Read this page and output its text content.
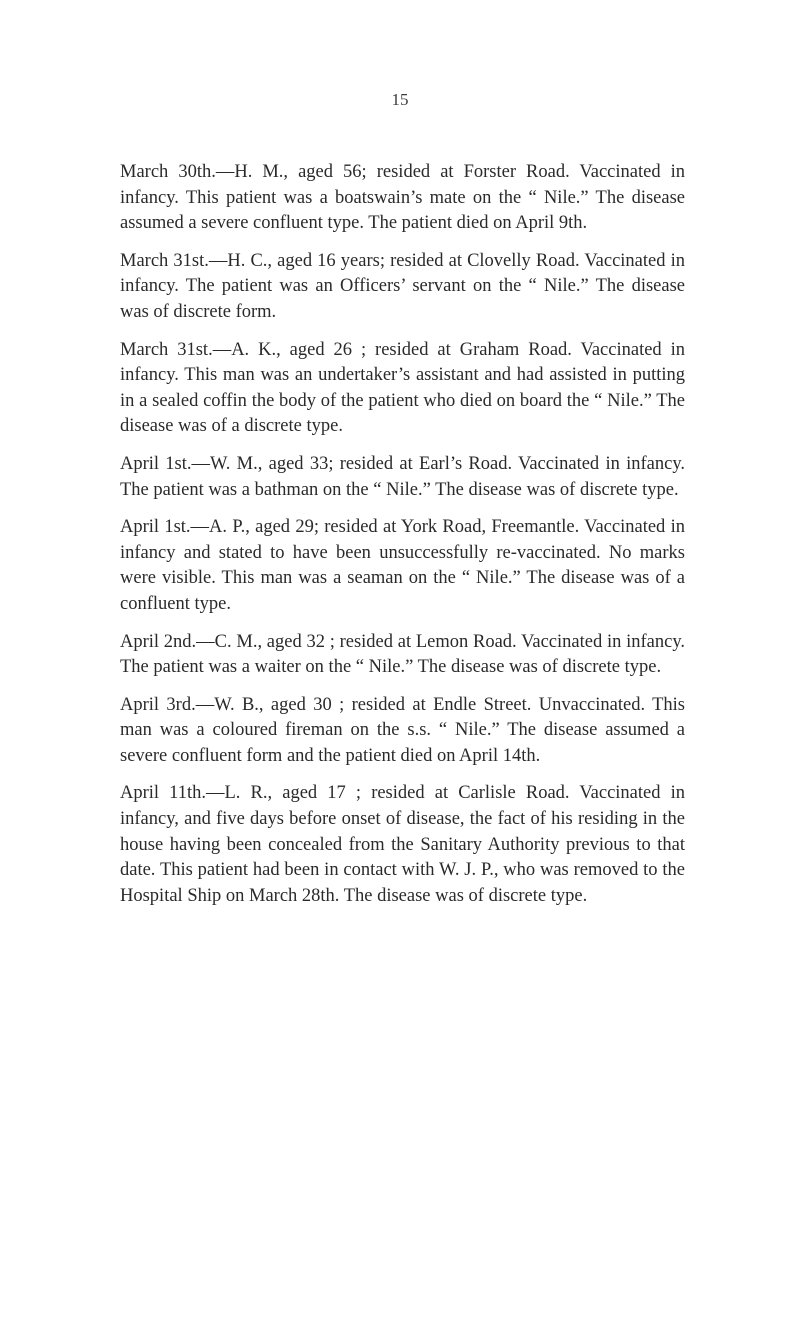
15

March 30th.—H. M., aged 56; resided at Forster Road. Vaccinated in infancy. This patient was a boatswain’s mate on the “ Nile.” The disease assumed a severe confluent type. The patient died on April 9th.

March 31st.—H. C., aged 16 years; resided at Clovelly Road. Vaccinated in infancy. The patient was an Officers’ servant on the “ Nile.” The disease was of discrete form.

March 31st.—A. K., aged 26 ; resided at Graham Road. Vaccinated in infancy. This man was an undertaker’s assistant and had assisted in putting in a sealed coffin the body of the patient who died on board the “ Nile.” The disease was of a discrete type.

April 1st.—W. M., aged 33; resided at Earl’s Road. Vaccinated in infancy. The patient was a bathman on the “ Nile.” The disease was of discrete type.

April 1st.—A. P., aged 29; resided at York Road, Freemantle. Vaccinated in infancy and stated to have been unsuccessfully re-vaccinated. No marks were visible. This man was a seaman on the “ Nile.” The disease was of a confluent type.

April 2nd.—C. M., aged 32 ; resided at Lemon Road. Vaccinated in infancy. The patient was a waiter on the “ Nile.” The disease was of discrete type.

April 3rd.—W. B., aged 30 ; resided at Endle Street. Unvaccinated. This man was a coloured fireman on the s.s. “ Nile.” The disease assumed a severe confluent form and the patient died on April 14th.

April 11th.—L. R., aged 17 ; resided at Carlisle Road. Vaccinated in infancy, and five days before onset of disease, the fact of his residing in the house having been concealed from the Sanitary Authority previous to that date. This patient had been in contact with W. J. P., who was removed to the Hospital Ship on March 28th. The disease was of discrete type.
